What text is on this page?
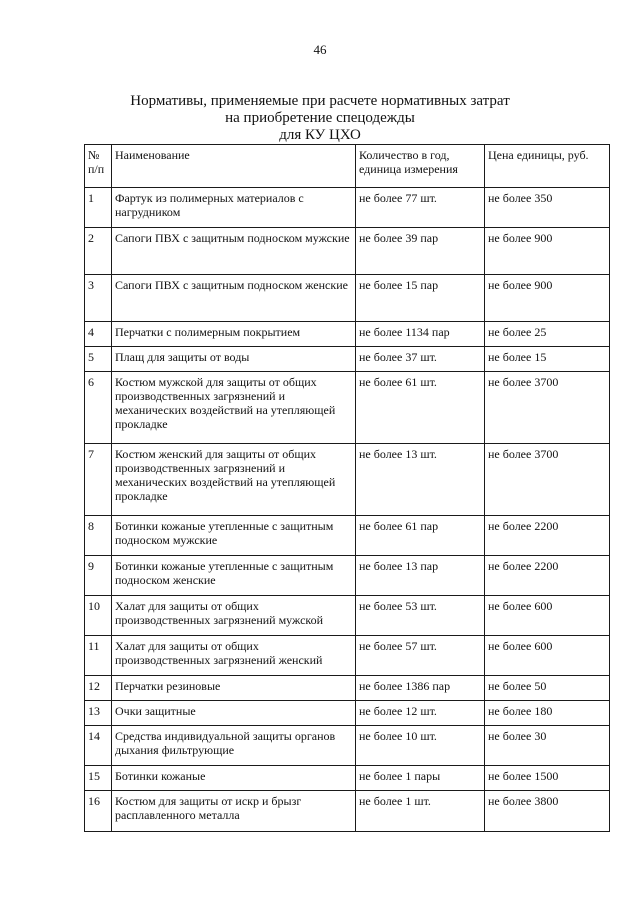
46
Нормативы, применяемые при расчете нормативных затрат
на приобретение спецодежды
для КУ ЦХО
№ п/п	Наименование	Количество в год, единица измерения	Цена единицы, руб.
1	Фартук из полимерных материалов с нагрудником	не более 77 шт.	не более 350
2	Сапоги ПВХ с защитным подноском мужские	не более 39 пар	не более 900
3	Сапоги ПВХ с защитным подноском женские	не более 15 пар	не более 900
4	Перчатки с полимерным покрытием	не более 1134 пар	не более 25
5	Плащ для защиты от воды	не более 37 шт.	не более 15
6	Костюм мужской для защиты от общих производственных загрязнений и механических воздействий на утепляющей прокладке	не более 61 шт.	не более 3700
7	Костюм женский для защиты от общих производственных загрязнений и механических воздействий на утепляющей прокладке	не более 13 шт.	не более 3700
8	Ботинки кожаные утепленные с защитным подноском мужские	не более 61 пар	не более 2200
9	Ботинки кожаные утепленные с защитным подноском женские	не более 13 пар	не более 2200
10	Халат для защиты от общих производственных загрязнений мужской	не более 53 шт.	не более 600
11	Халат для защиты от общих производственных загрязнений женский	не более 57 шт.	не более 600
12	Перчатки резиновые	не более 1386 пар	не более 50
13	Очки защитные	не более 12 шт.	не более 180
14	Средства индивидуальной защиты органов дыхания фильтрующие	не более 10 шт.	не более 30
15	Ботинки кожаные	не более 1 пары	не более 1500
16	Костюм для защиты от искр и брызг расплавленного металла	не более 1 шт.	не более 3800
